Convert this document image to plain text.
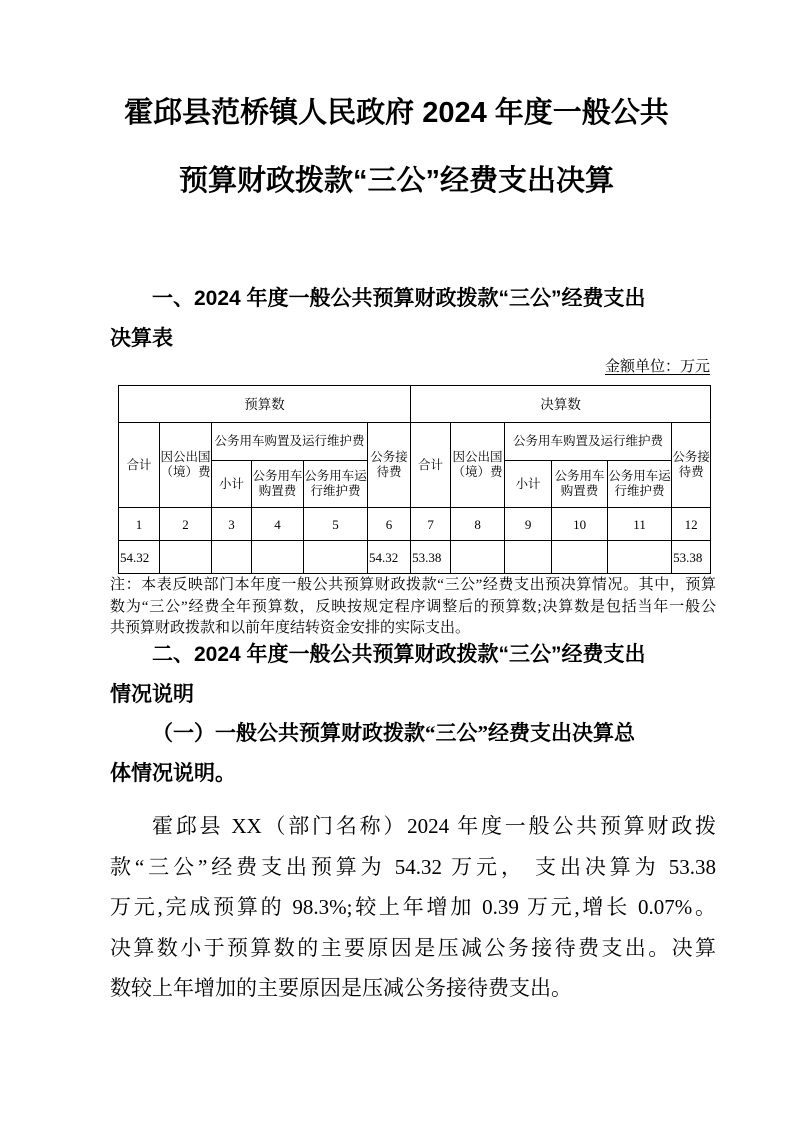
霍邱县范桥镇人民政府 2024 年度一般公共
预算财政拨款“三公”经费支出决算
一、2024 年度一般公共预算财政拨款“三公”经费支出
决算表
金额单位：万元
预算数						决算数					
合计	因公出国（境）费	公务用车购置及运行维护费			公务接待费	合计	因公出国（境）费	公务用车购置及运行维护费			公务接待费
		小计	公务用车购置费	公务用车运行维护费				小计	公务用车购置费	公务用车运行维护费	
1	2	3	4	5	6	7	8	9	10	11	12
54.32					54.32	53.38					53.38
注：本表反映部门本年度一般公共预算财政拨款“三公”经费支出预决算情况。其中，预算
数为“三公”经费全年预算数，反映按规定程序调整后的预算数;决算数是包括当年一般公
共预算财政拨款和以前年度结转资金安排的实际支出。
二、2024 年度一般公共预算财政拨款“三公”经费支出
情况说明
（一）一般公共预算财政拨款“三公”经费支出决算总
体情况说明。
霍邱县 XX（部门名称）2024 年度一般公共预算财政拨
款“三公”经费支出预算为 54.32 万元， 支出决算为 53.38
万元,完成预算的 98.3%;较上年增加 0.39 万元,增长 0.07%。
决算数小于预算数的主要原因是压减公务接待费支出。决算
数较上年增加的主要原因是压减公务接待费支出。
